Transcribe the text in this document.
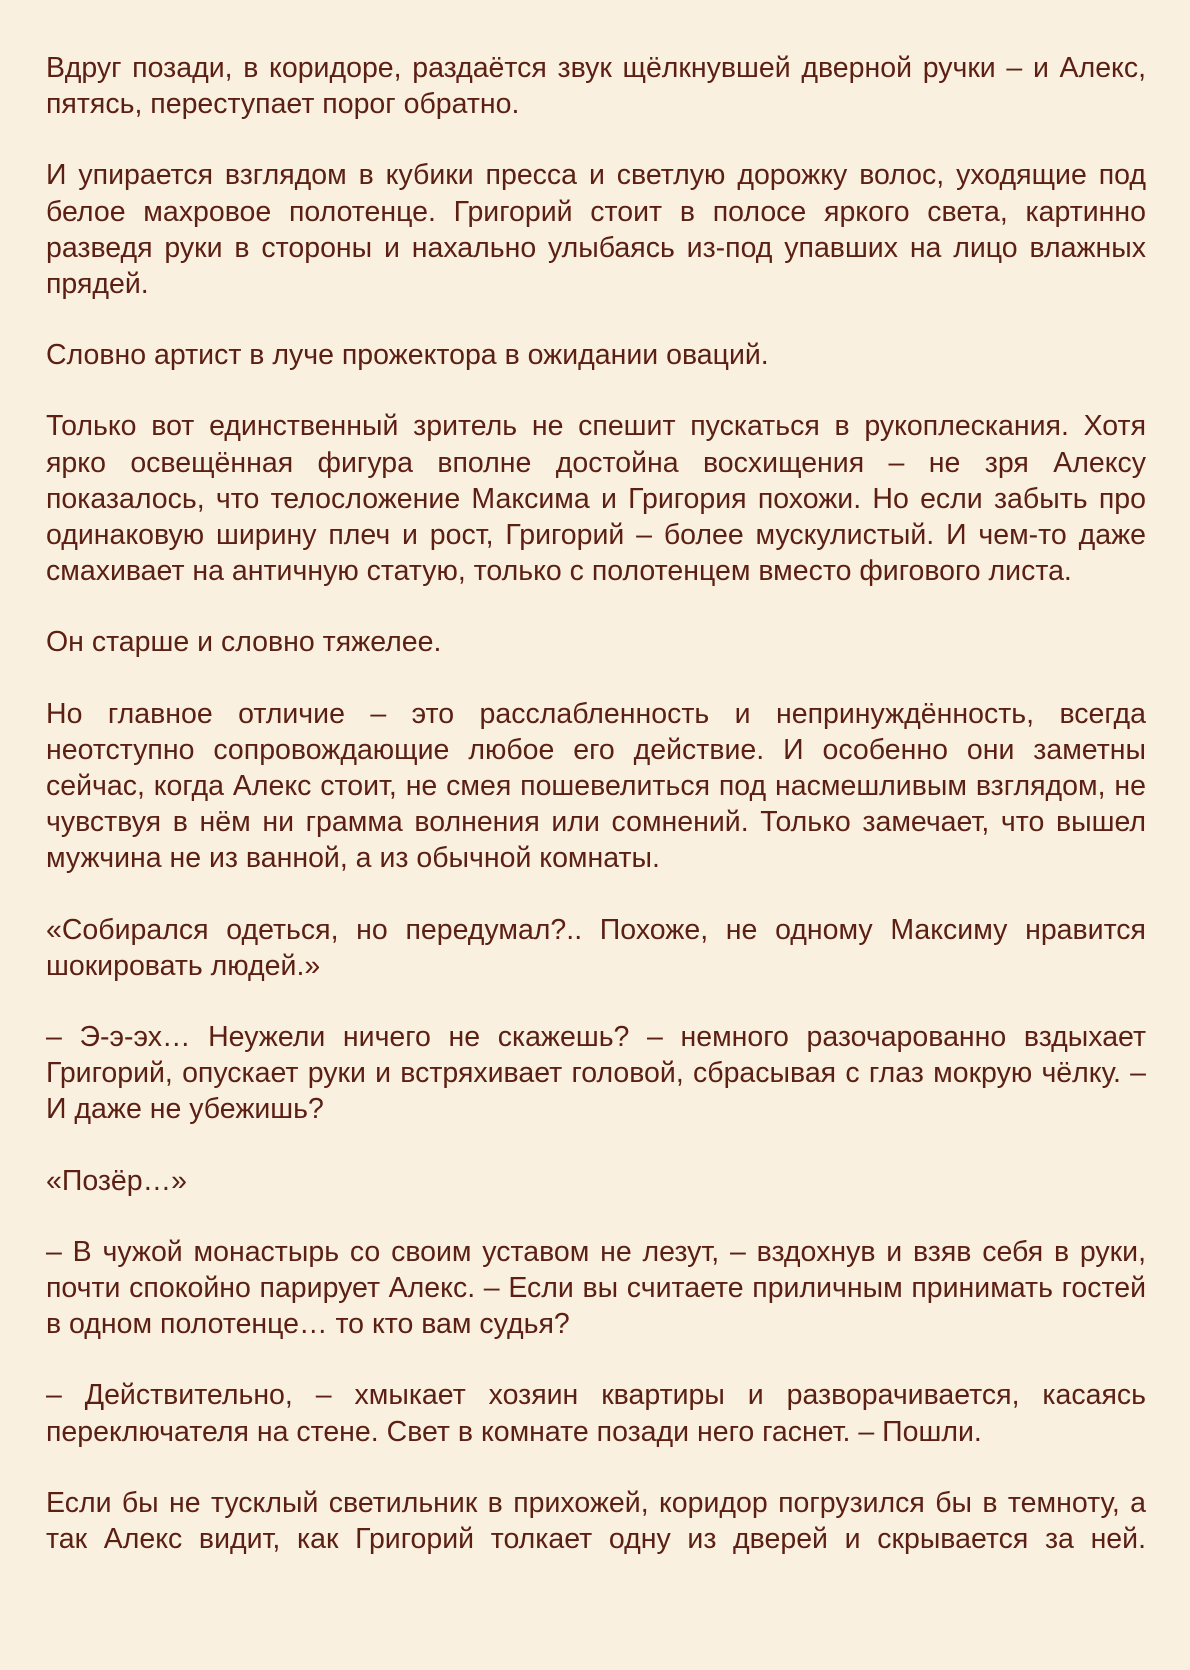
Вдруг позади, в коридоре, раздаётся звук щёлкнувшей дверной ручки – и Алекс, пятясь, переступает порог обратно.

И упирается взглядом в кубики пресса и светлую дорожку волос, уходящие под белое махровое полотенце. Григорий стоит в полосе яркого света, картинно разведя руки в стороны и нахально улыбаясь из-под упавших на лицо влажных прядей.

Словно артист в луче прожектора в ожидании оваций.

Только вот единственный зритель не спешит пускаться в рукоплескания. Хотя ярко освещённая фигура вполне достойна восхищения – не зря Алексу показалось, что телосложение Максима и Григория похожи. Но если забыть про одинаковую ширину плеч и рост, Григорий – более мускулистый. И чем-то даже смахивает на античную статую, только с полотенцем вместо фигового листа.

Он старше и словно тяжелее.

Но главное отличие – это расслабленность и непринуждённость, всегда неотступно сопровождающие любое его действие. И особенно они заметны сейчас, когда Алекс стоит, не смея пошевелиться под насмешливым взглядом, не чувствуя в нём ни грамма волнения или сомнений. Только замечает, что вышел мужчина не из ванной, а из обычной комнаты.

«Собирался одеться, но передумал?.. Похоже, не одному Максиму нравится шокировать людей.»

– Э-э-эх… Неужели ничего не скажешь? – немного разочарованно вздыхает Григорий, опускает руки и встряхивает головой, сбрасывая с глаз мокрую чёлку. – И даже не убежишь?

«Позёр…»

– В чужой монастырь со своим уставом не лезут, – вздохнув и взяв себя в руки, почти спокойно парирует Алекс. – Если вы считаете приличным принимать гостей в одном полотенце… то кто вам судья?

– Действительно, – хмыкает хозяин квартиры и разворачивается, касаясь переключателя на стене. Свет в комнате позади него гаснет. – Пошли.

Если бы не тусклый светильник в прихожей, коридор погрузился бы в темноту, а так Алекс видит, как Григорий толкает одну из дверей и скрывается за ней.
